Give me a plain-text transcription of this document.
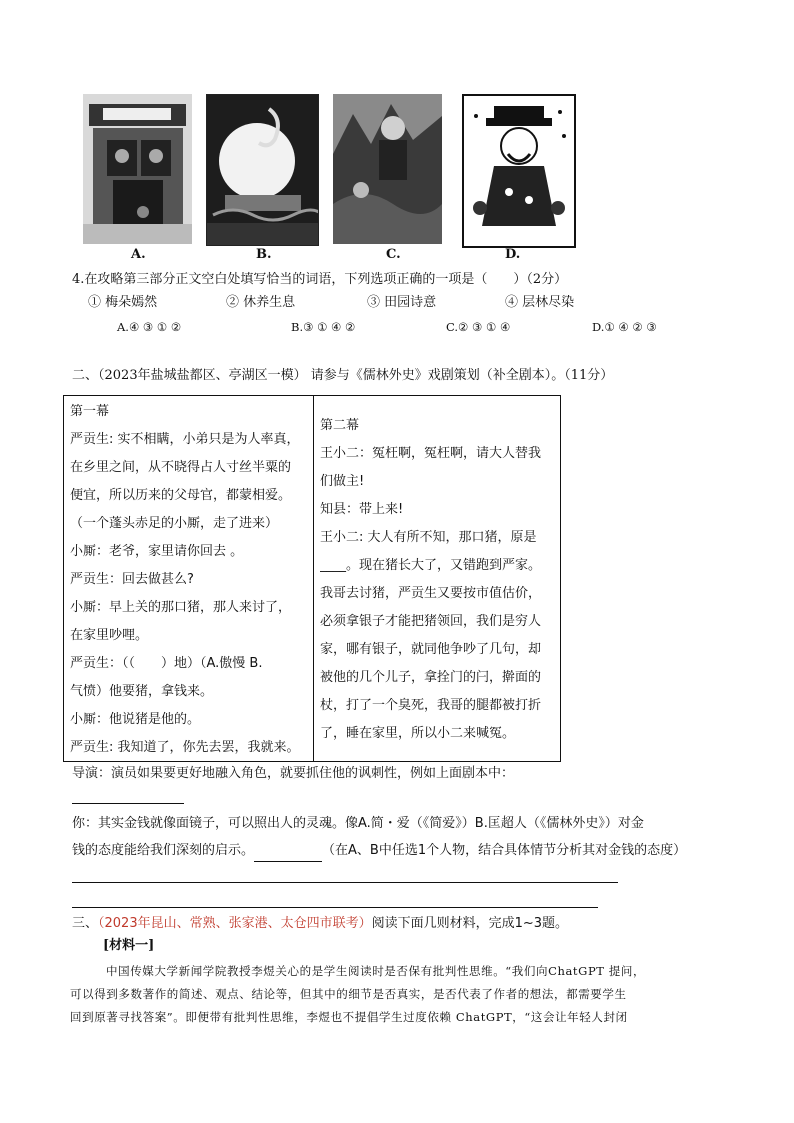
A.	B.	C.	D.
4.在攻略第三部分正文空白处填写恰当的词语，下列选项正确的一项是（　　）（2分）
① 梅朵嫣然	② 休养生息	③ 田园诗意	④ 层林尽染
A.④ ③ ① ②	B.③ ① ④ ②	C.② ③ ① ④	D.① ④ ② ③
二、（2023年盐城盐都区、亭湖区一模） 请参与《儒林外史》戏剧策划（补全剧本）。（11分）
第一幕
严贡生: 实不相瞒，小弟只是为人率真，
在乡里之间，从不晓得占人寸丝半粟的
便宜，所以历来的父母官，都蒙相爱。
（一个蓬头赤足的小厮，走了进来）
小厮：老爷，家里请你回去 。
严贡生：回去做甚么?
小厮：早上关的那口猪，那人来讨了，
在家里吵哩。
严贡生：（（　　）地）（A.傲慢 B.
气愤）他要猪，拿钱来。
小厮：他说猪是他的。
严贡生: 我知道了，你先去罢，我就来。
第二幕
王小二：冤枉啊，冤枉啊，请大人替我
们做主!
知县：带上来!
王小二: 大人有所不知，那口猪，原是
____。现在猪长大了，又错跑到严家。
我哥去讨猪，严贡生又要按市值估价，
必须拿银子才能把猪领回，我们是穷人
家，哪有银子，就同他争吵了几句，却
被他的几个儿子，拿拴门的闩，擀面的
杖，打了一个臭死，我哥的腿都被打折
了，睡在家里，所以小二来喊冤。
导演：演员如果要更好地融入角色，就要抓住他的讽刺性，例如上面剧本中：
你：其实金钱就像面镜子，可以照出人的灵魂。像A.简・爱（《简爱》）B.匡超人（《儒林外史》）对金
钱的态度能给我们深刻的启示。	（在A、B中任选1个人物，结合具体情节分析其对金钱的态度）
三、（2023年昆山、常熟、张家港、太仓四市联考）阅读下面几则材料，完成1~3题。
[材料一]
中国传媒大学新闻学院教授李煜关心的是学生阅读时是否保有批判性思维。“我们向ChatGPT 提问，
可以得到多数著作的简述、观点、结论等，但其中的细节是否真实，是否代表了作者的想法，都需要学生
回到原著寻找答案”。即便带有批判性思维，李煜也不提倡学生过度依赖 ChatGPT，“这会让年轻人封闭
